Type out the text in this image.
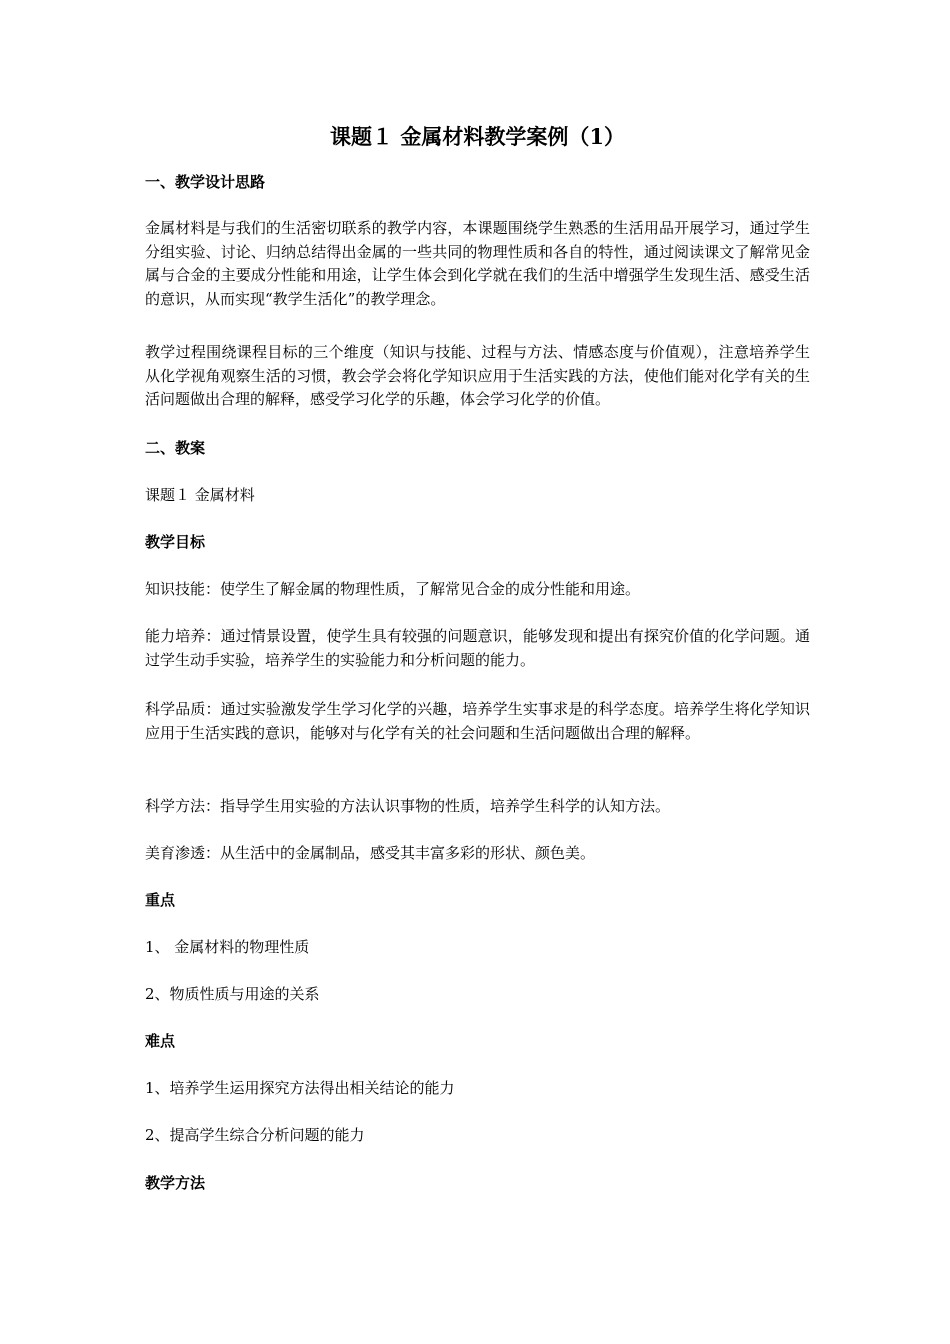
课题１ 金属材料教学案例（1）

一、教学设计思路

金属材料是与我们的生活密切联系的教学内容，本课题围绕学生熟悉的生活用品开展学习，通过学生分组实验、讨论、归纳总结得出金属的一些共同的物理性质和各自的特性，通过阅读课文了解常见金属与合金的主要成分性能和用途，让学生体会到化学就在我们的生活中增强学生发现生活、感受生活的意识，从而实现“教学生活化”的教学理念。

教学过程围绕课程目标的三个维度（知识与技能、过程与方法、情感态度与价值观），注意培养学生从化学视角观察生活的习惯，教会学会将化学知识应用于生活实践的方法，使他们能对化学有关的生活问题做出合理的解释，感受学习化学的乐趣，体会学习化学的价值。

二、教案

课题１ 金属材料

教学目标

知识技能：使学生了解金属的物理性质，了解常见合金的成分性能和用途。

能力培养：通过情景设置，使学生具有较强的问题意识，能够发现和提出有探究价值的化学问题。通过学生动手实验，培养学生的实验能力和分析问题的能力。

科学品质：通过实验激发学生学习化学的兴趣，培养学生实事求是的科学态度。培养学生将化学知识应用于生活实践的意识，能够对与化学有关的社会问题和生活问题做出合理的解释。

科学方法：指导学生用实验的方法认识事物的性质，培养学生科学的认知方法。

美育渗透：从生活中的金属制品，感受其丰富多彩的形状、颜色美。

重点

1、 金属材料的物理性质

2、物质性质与用途的关系

难点

1、培养学生运用探究方法得出相关结论的能力

2、提高学生综合分析问题的能力

教学方法
